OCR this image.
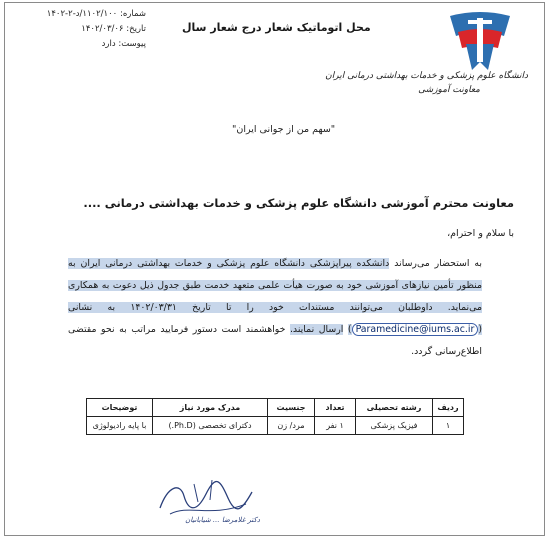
دانشگاه علوم پزشکی و خدمات بهداشتی درمانی ایران
معاونت آموزشی
محل اتوماتیک شعار درج شعار سال
شماره: ۱۱۰۲/۱۰۰/د-۲-۱۴۰۲
تاریخ: ۱۴۰۲/۰۳/۰۶
پیوست: دارد
"سهم من از جوانی ایران"
معاونت محترم آموزشی دانشگاه علوم پزشکی و خدمات بهداشتی درمانی ....
با سلام و احترام،
به استحضار می‌رساند دانشکده پیراپزشکی دانشگاه علوم پزشکی و خدمات بهداشتی درمانی ایران به منظور تأمین نیازهای آموزشی خود به صورت هیأت علمی متعهد خدمت طبق جدول ذیل دعوت به همکاری می‌نماید. داوطلبان می‌توانند مستندات خود را تا تاریخ ۱۴۰۲/۰۳/۳۱ به نشانی (Paramedicine@iums.ac.ir) ارسال نمایند. خواهشمند است دستور فرمایید مراتب به نحو مقتضی اطلاع‌رسانی گردد.
ردیف	رشته تحصیلی	تعداد	جنسیت	مدرک مورد نیاز	توضیحات
۱	فیزیک پزشکی	۱ نفر	مرد/ زن	دکترای تخصصی (Ph.D.)	با پایه رادیولوژی
دکتر غلامرضا ... شیابانیان
